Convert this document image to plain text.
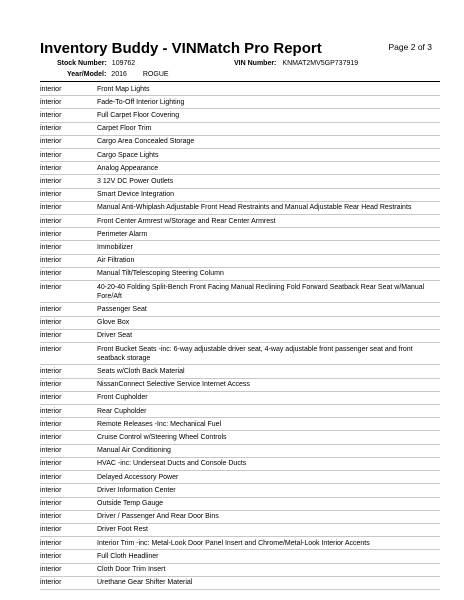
Page 2 of 3
Inventory Buddy - VINMatch Pro Report
Stock Number: 109762	VIN Number: KNMAT2MV5GP737919
Year/Model: 2016 ROGUE
interior	Front Map Lights
interior	Fade-To-Off Interior Lighting
interior	Full Carpet Floor Covering
interior	Carpet Floor Trim
interior	Cargo Area Concealed Storage
interior	Cargo Space Lights
interior	Analog Appearance
interior	3 12V DC Power Outlets
interior	Smart Device Integration
interior	Manual Anti-Whiplash Adjustable Front Head Restraints and Manual Adjustable Rear Head Restraints
interior	Front Center Armrest w/Storage and Rear Center Armrest
interior	Perimeter Alarm
interior	Immobilizer
interior	Air Filtration
interior	Manual Tilt/Telescoping Steering Column
interior	40-20-40 Folding Split-Bench Front Facing Manual Reclining Fold Forward Seatback Rear Seat w/Manual Fore/Aft
interior	Passenger Seat
interior	Glove Box
interior	Driver Seat
interior	Front Bucket Seats -inc: 6-way adjustable driver seat, 4-way adjustable front passenger seat and front seatback storage
interior	Seats w/Cloth Back Material
interior	NissanConnect Selective Service Internet Access
interior	Front Cupholder
interior	Rear Cupholder
interior	Remote Releases -Inc: Mechanical Fuel
interior	Cruise Control w/Steering Wheel Controls
interior	Manual Air Conditioning
interior	HVAC -inc: Underseat Ducts and Console Ducts
interior	Delayed Accessory Power
interior	Driver Information Center
interior	Outside Temp Gauge
interior	Driver / Passenger And Rear Door Bins
interior	Driver Foot Rest
interior	Interior Trim -inc: Metal-Look Door Panel Insert and Chrome/Metal-Look Interior Accents
interior	Full Cloth Headliner
interior	Cloth Door Trim Insert
interior	Urethane Gear Shifter Material
